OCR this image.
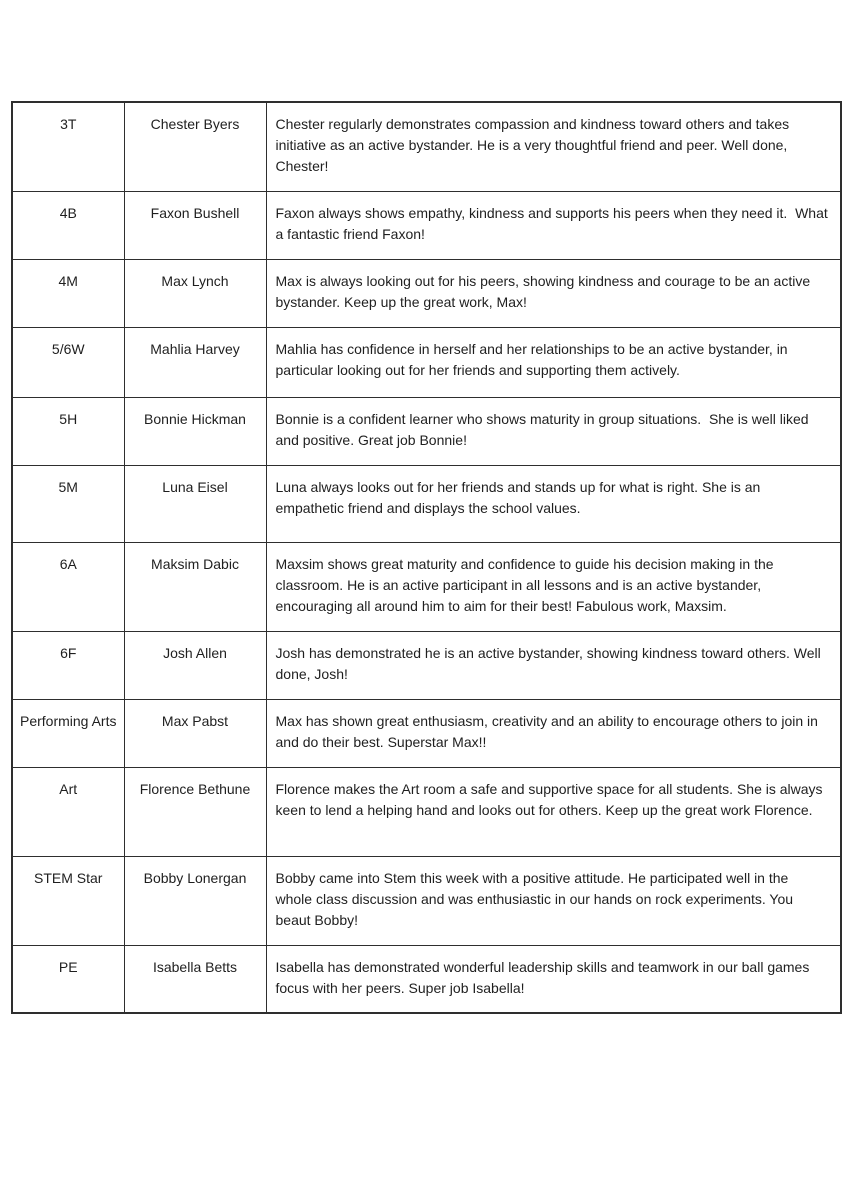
3T	Chester Byers	Chester regularly demonstrates compassion and kindness toward others and takes initiative as an active bystander. He is a very thoughtful friend and peer. Well done, Chester!
4B	Faxon Bushell	Faxon always shows empathy, kindness and supports his peers when they need it.  What a fantastic friend Faxon!
4M	Max Lynch	Max is always looking out for his peers, showing kindness and courage to be an active bystander. Keep up the great work, Max!
5/6W	Mahlia Harvey	Mahlia has confidence in herself and her relationships to be an active bystander, in particular looking out for her friends and supporting them actively.
5H	Bonnie Hickman	Bonnie is a confident learner who shows maturity in group situations.  She is well liked and positive. Great job Bonnie!
5M	Luna Eisel	Luna always looks out for her friends and stands up for what is right. She is an empathetic friend and displays the school values.
6A	Maksim Dabic	Maxsim shows great maturity and confidence to guide his decision making in the classroom. He is an active participant in all lessons and is an active bystander, encouraging all around him to aim for their best! Fabulous work, Maxsim.
6F	Josh Allen	Josh has demonstrated he is an active bystander, showing kindness toward others. Well done, Josh!
Performing Arts	Max Pabst	Max has shown great enthusiasm, creativity and an ability to encourage others to join in and do their best. Superstar Max!!
Art	Florence Bethune	Florence makes the Art room a safe and supportive space for all students. She is always keen to lend a helping hand and looks out for others. Keep up the great work Florence.
STEM Star	Bobby Lonergan	Bobby came into Stem this week with a positive attitude. He participated well in the whole class discussion and was enthusiastic in our hands on rock experiments. You beaut Bobby!
PE	Isabella Betts	Isabella has demonstrated wonderful leadership skills and teamwork in our ball games focus with her peers. Super job Isabella!
